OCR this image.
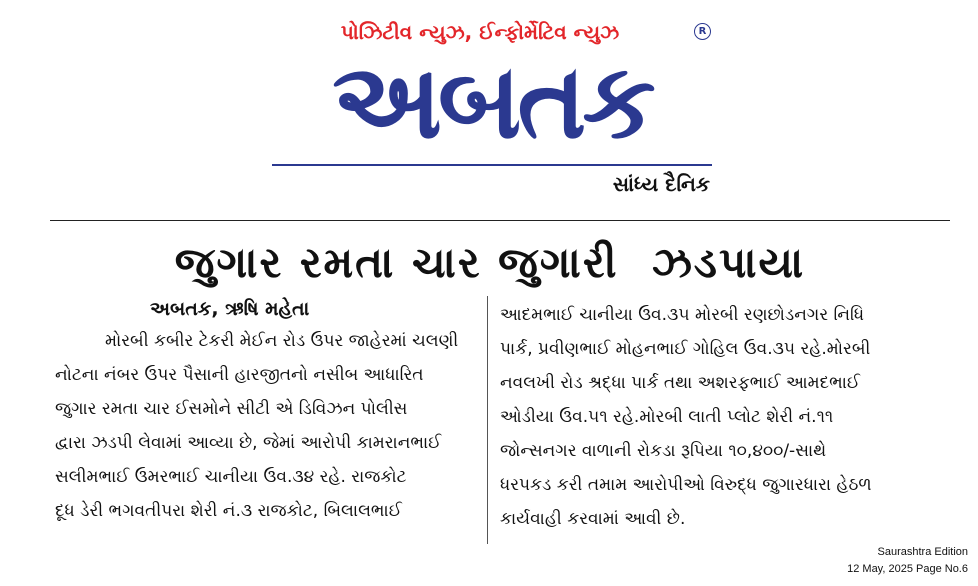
પોઝિટીવ ન્યુઝ, ઈન્ફોર્મેટિવ ન્યુઝ	R
અબતક
સાંધ્ય દૈનિક
જુગાર રમતા ચાર જુગારી  ઝડપાયા
અબતક, ઋષિ મહેતા
મોરબી કબીર ટેકરી મેઈન રોડ ઉપર જાહેરમાં ચલણી
નોટના નંબર ઉપર પૈસાની હારજીતનો નસીબ આધારિત
જુગાર રમતા ચાર ઈસમોને સીટી એ ડિવિઝન પોલીસ
દ્વારા ઝડપી લેવામાં આવ્યા છે, જેમાં આરોપી કામરાનભાઈ
સલીમભાઈ ઉમરભાઈ ચાનીયા ઉવ.૩૪ રહે. રાજકોટ
દૂધ ડેરી ભગવતીપરા શેરી નં.૩ રાજકોટ, બિલાલભાઈ
આદમભાઈ ચાનીયા ઉવ.૩૫ મોરબી રણછોડનગર નિધિ
પાર્ક, પ્રવીણભાઈ મોહનભાઈ ગોહિલ ઉવ.૩૫ રહે.મોરબી
નવલખી રોડ શ્રદ્ધા પાર્ક તથા અશરફભાઈ આમદભાઈ
ઓડીયા ઉવ.૫૧ રહે.મોરબી લાતી પ્લોટ શેરી નં.૧૧
જોન્સનગર વાળાની રોકડા રૂપિયા ૧૦,૪૦૦/-સાથે
ધરપકડ કરી તમામ આરોપીઓ વિરુદ્ધ જુગારધારા હેઠળ
કાર્યવાહી કરવામાં આવી છે.
Saurashtra Edition
12 May, 2025 Page No.6
